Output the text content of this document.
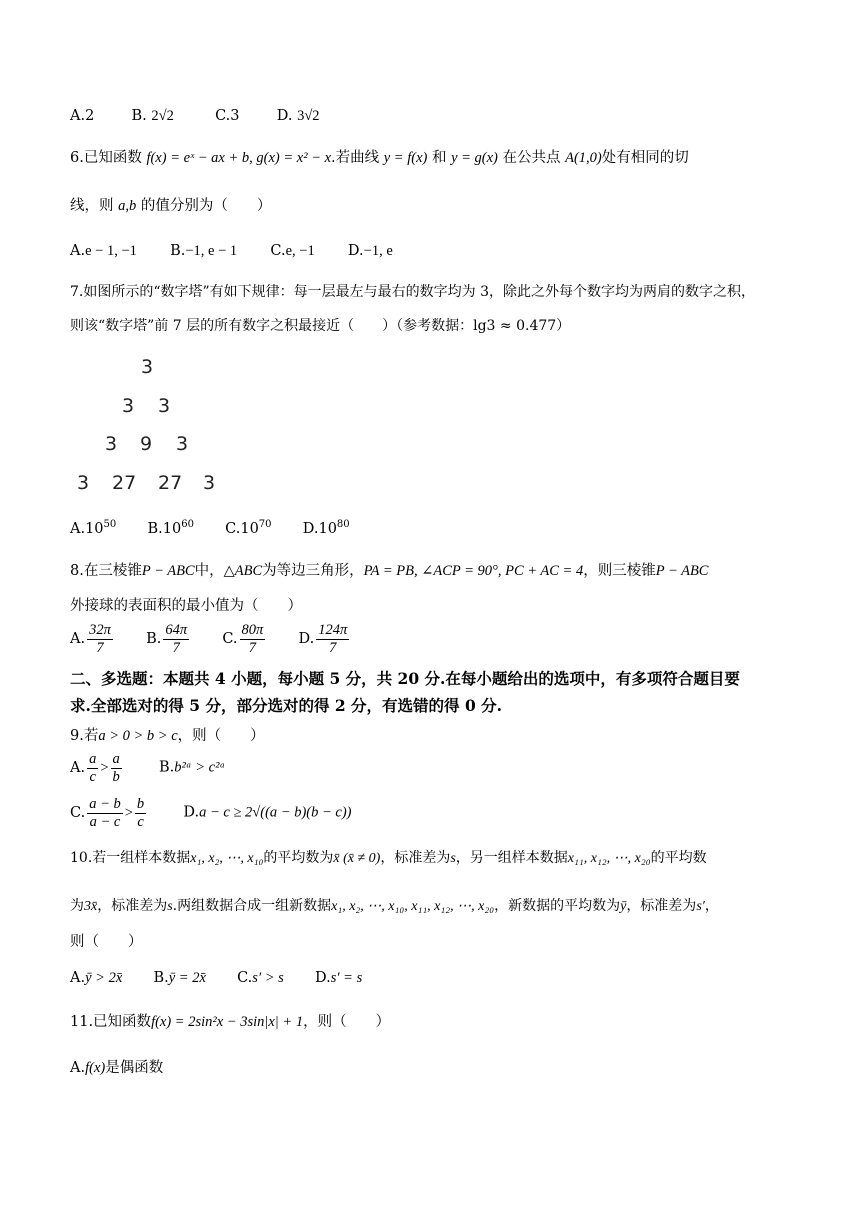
A.2	B. 2√2	C.3	D. 3√2
6.已知函数 f(x) = eˣ − ax + b, g(x) = x² − x.若曲线 y = f(x) 和 y = g(x) 在公共点 A(1,0)处有相同的切
线，则 a,b 的值分别为（　　）
A.e − 1, −1 B.−1, e − 1 C.e, −1 D.−1, e
7.如图所示的“数字塔”有如下规律：每一层最左与最右的数字均为 3，除此之外每个数字均为两肩的数字之积，
则该“数字塔”前 7 层的所有数字之积最接近（　　）（参考数据：lg3 ≈ 0.477）
3
3 3
3 9 3
3 27 27 3
$A.10^{50}$ $B.10^{60}$ $C.10^{70}$ $D.10^{80}$
8.在三棱锥P − ABC中，△ABC为等边三角形，PA = PB, ∠ACP = 90°, PC + AC = 4，则三棱锥P − ABC
外接球的表面积的最小值为（　　）
A. $\frac{32\pi}{7} B$. $\frac{64\pi}{7} C$. $\frac{80\pi}{7} D$. $\frac{124\pi}{7}$
二、多选题：本题共 4 小题，每小题 5 分，共 20 分.在每小题给出的选项中，有多项符合题目要
求.全部选对的得 5 分，部分选对的得 2 分，有选错的得 0 分.
9.若a > 0 > b > c，则（　　）
A. $\frac{a}{c} > \frac{a}{b}$	B.b²ᵃ > c²ᵃ
C. $\frac{a - b}{a - c} > \frac{b}{c}$	D.a − c ≥ 2√((a − b)(b − c))
10.若一组样本数据x₁, x₂, ⋯, x₁₀的平均数为x̄ (x̄ ≠ 0)，标准差为s，另一组样本数据x₁₁, x₁₂, ⋯, x₂₀的平均数
为3x̄，标准差为s.两组数据合成一组新数据x₁, x₂, ⋯, x₁₀, x₁₁, x₁₂, ⋯, x₂₀，新数据的平均数为ȳ，标准差为s′，
则（　　）
A.ȳ > 2x̄ B.ȳ = 2x̄ C.s′ > s D.s′ = s
11.已知函数f(x) = 2sin²x − 3sin|x| + 1，则（　　）
A.f(x)是偶函数
